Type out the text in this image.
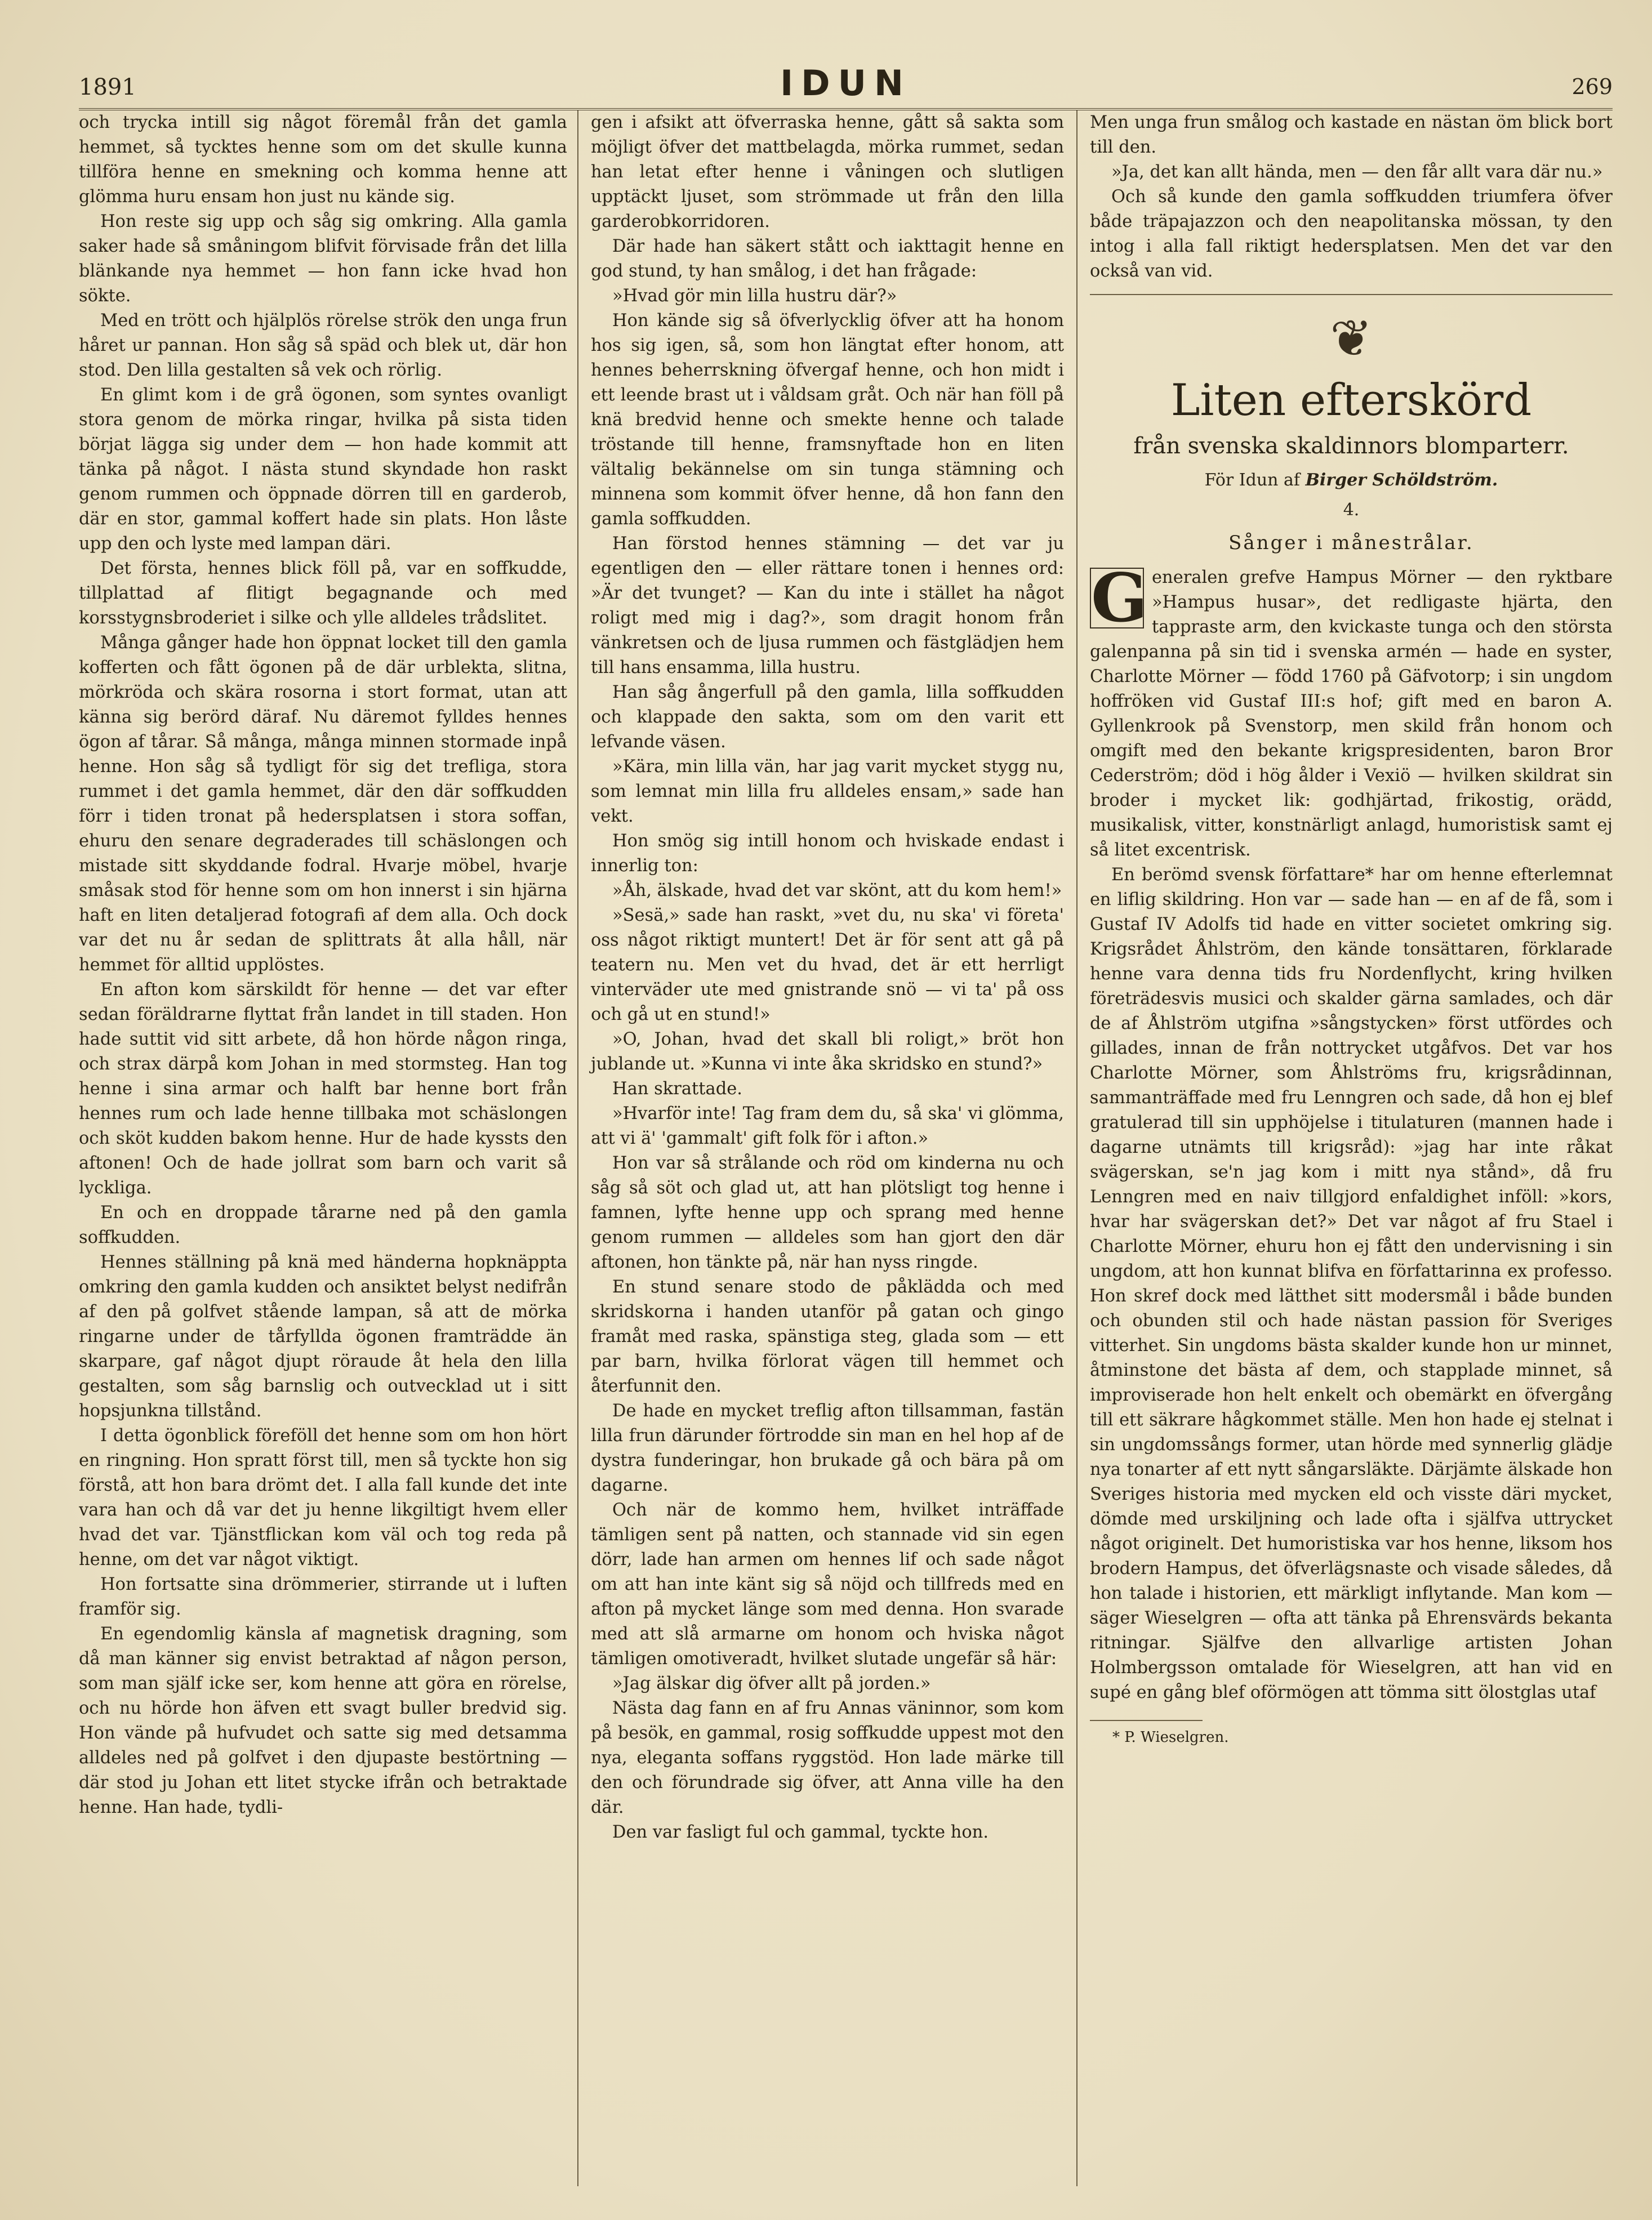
1891	IDUN	269

och trycka intill sig något föremål från det gamla hemmet, så tycktes henne som om det skulle kunna tillföra henne en smekning och komma henne att glömma huru ensam hon just nu kände sig.

Hon reste sig upp och såg sig omkring. Alla gamla saker hade så småningom blifvit förvisade från det lilla blänkande nya hemmet — hon fann icke hvad hon sökte.

Med en trött och hjälplös rörelse strök den unga frun håret ur pannan. Hon såg så späd och blek ut, där hon stod. Den lilla gestalten så vek och rörlig.

En glimt kom i de grå ögonen, som syntes ovanligt stora genom de mörka ringar, hvilka på sista tiden börjat lägga sig under dem — hon hade kommit att tänka på något. I nästa stund skyndade hon raskt genom rummen och öppnade dörren till en garderob, där en stor, gammal koffert hade sin plats. Hon låste upp den och lyste med lampan däri.

Det första, hennes blick föll på, var en soffkudde, tillplattad af flitigt begagnande och med korsstygnsbroderiet i silke och ylle alldeles trådslitet.

Många gånger hade hon öppnat locket till den gamla kofferten och fått ögonen på de där urblekta, slitna, mörkröda och skära rosorna i stort format, utan att känna sig berörd däraf. Nu däremot fylldes hennes ögon af tårar. Så många, många minnen stormade inpå henne. Hon såg så tydligt för sig det trefliga, stora rummet i det gamla hemmet, där den där soffkudden förr i tiden tronat på hedersplatsen i stora soffan, ehuru den senare degraderades till schäslongen och mistade sitt skyddande fodral. Hvarje möbel, hvarje småsak stod för henne som om hon innerst i sin hjärna haft en liten detaljerad fotografi af dem alla. Och dock var det nu år sedan de splittrats åt alla håll, när hemmet för alltid upplöstes.

En afton kom särskildt för henne — det var efter sedan föräldrarne flyttat från landet in till staden. Hon hade suttit vid sitt arbete, då hon hörde någon ringa, och strax därpå kom Johan in med stormsteg. Han tog henne i sina armar och halft bar henne bort från hennes rum och lade henne tillbaka mot schäslongen och sköt kudden bakom henne. Hur de hade kyssts den aftonen! Och de hade jollrat som barn och varit så lyckliga.

En och en droppade tårarne ned på den gamla soffkudden.

Hennes ställning på knä med händerna hopknäppta omkring den gamla kudden och ansiktet belyst nedifrån af den på golfvet stående lampan, så att de mörka ringarne under de tårfyllda ögonen framträdde än skarpare, gaf något djupt röraude åt hela den lilla gestalten, som såg barnslig och outvecklad ut i sitt hopsjunkna tillstånd.

I detta ögonblick föreföll det henne som om hon hört en ringning. Hon spratt först till, men så tyckte hon sig förstå, att hon bara drömt det. I alla fall kunde det inte vara han och då var det ju henne likgiltigt hvem eller hvad det var. Tjänstflickan kom väl och tog reda på henne, om det var något viktigt.

Hon fortsatte sina drömmerier, stirrande ut i luften framför sig.

En egendomlig känsla af magnetisk dragning, som då man känner sig envist betraktad af någon person, som man själf icke ser, kom henne att göra en rörelse, och nu hörde hon äfven ett svagt buller bredvid sig. Hon vände på hufvudet och satte sig med detsamma alldeles ned på golfvet i den djupaste bestörtning — där stod ju Johan ett litet stycke ifrån och betraktade henne. Han hade, tydli-

gen i afsikt att öfverraska henne, gått så sakta som möjligt öfver det mattbelagda, mörka rummet, sedan han letat efter henne i våningen och slutligen upptäckt ljuset, som strömmade ut från den lilla garderobkorridoren.

Där hade han säkert stått och iakttagit henne en god stund, ty han smålog, i det han frågade:

»Hvad gör min lilla hustru där?»

Hon kände sig så öfverlycklig öfver att ha honom hos sig igen, så, som hon längtat efter honom, att hennes beherrskning öfvergaf henne, och hon midt i ett leende brast ut i våldsam gråt. Och när han föll på knä bredvid henne och smekte henne och talade tröstande till henne, framsnyftade hon en liten vältalig bekännelse om sin tunga stämning och minnena som kommit öfver henne, då hon fann den gamla soffkudden.

Han förstod hennes stämning — det var ju egentligen den — eller rättare tonen i hennes ord: »Är det tvunget? — Kan du inte i stället ha något roligt med mig i dag?», som dragit honom från vänkretsen och de ljusa rummen och fästglädjen hem till hans ensamma, lilla hustru.

Han såg ångerfull på den gamla, lilla soffkudden och klappade den sakta, som om den varit ett lefvande väsen.

»Kära, min lilla vän, har jag varit mycket stygg nu, som lemnat min lilla fru alldeles ensam,» sade han vekt.

Hon smög sig intill honom och hviskade endast i innerlig ton:

»Åh, älskade, hvad det var skönt, att du kom hem!»

»Sesä,» sade han raskt, »vet du, nu ska' vi företa' oss något riktigt muntert! Det är för sent att gå på teatern nu. Men vet du hvad, det är ett herrligt vinterväder ute med gnistrande snö — vi ta' på oss och gå ut en stund!»

»O, Johan, hvad det skall bli roligt,» bröt hon jublande ut. »Kunna vi inte åka skridsko en stund?»

Han skrattade.

»Hvarför inte! Tag fram dem du, så ska' vi glömma, att vi ä' 'gammalt' gift folk för i afton.»

Hon var så strålande och röd om kinderna nu och såg så söt och glad ut, att han plötsligt tog henne i famnen, lyfte henne upp och sprang med henne genom rummen — alldeles som han gjort den där aftonen, hon tänkte på, när han nyss ringde.

En stund senare stodo de påklädda och med skridskorna i handen utanför på gatan och gingo framåt med raska, spänstiga steg, glada som — ett par barn, hvilka förlorat vägen till hemmet och återfunnit den.

De hade en mycket treflig afton tillsamman, fastän lilla frun därunder förtrodde sin man en hel hop af de dystra funderingar, hon brukade gå och bära på om dagarne.

Och när de kommo hem, hvilket inträffade tämligen sent på natten, och stannade vid sin egen dörr, lade han armen om hennes lif och sade något om att han inte känt sig så nöjd och tillfreds med en afton på mycket länge som med denna. Hon svarade med att slå armarne om honom och hviska något tämligen omotiveradt, hvilket slutade ungefär så här:

»Jag älskar dig öfver allt på jorden.»

Nästa dag fann en af fru Annas väninnor, som kom på besök, en gammal, rosig soffkudde uppest mot den nya, eleganta soffans ryggstöd. Hon lade märke till den och förundrade sig öfver, att Anna ville ha den där.

Den var fasligt ful och gammal, tyckte hon.

Men unga frun smålog och kastade en nästan öm blick bort till den.

»Ja, det kan allt hända, men — den får allt vara där nu.»

Och så kunde den gamla soffkudden triumfera öfver både träpajazzon och den neapolitanska mössan, ty den intog i alla fall riktigt hedersplatsen. Men det var den också van vid.

❦
Liten efterskörd
från svenska skaldinnors blomparterr.
För Idun af Birger Schöldström.
4.
Sånger i månestrålar.

G eneralen grefve Hampus Mörner — den ryktbare »Hampus husar», det redligaste hjärta, den tappraste arm, den kvickaste tunga och den största galenpanna på sin tid i svenska armén — hade en syster, Charlotte Mörner — född 1760 på Gäfvotorp; i sin ungdom hoffröken vid Gustaf III:s hof; gift med en baron A. Gyllenkrook på Svenstorp, men skild från honom och omgift med den bekante krigspresidenten, baron Bror Cederström; död i hög ålder i Vexiö — hvilken skildrat sin broder i mycket lik: godhjärtad, frikostig, orädd, musikalisk, vitter, konstnärligt anlagd, humoristisk samt ej så litet excentrisk.

En berömd svensk författare* har om henne efterlemnat en liflig skildring. Hon var — sade han — en af de få, som i Gustaf IV Adolfs tid hade en vitter societet omkring sig. Krigsrådet Åhlström, den kände tonsättaren, förklarade henne vara denna tids fru Nordenflycht, kring hvilken företrädesvis musici och skalder gärna samlades, och där de af Åhlström utgifna »sångstycken» först utfördes och gillades, innan de från nottrycket utgåfvos. Det var hos Charlotte Mörner, som Åhlströms fru, krigsrådinnan, sammanträffade med fru Lenngren och sade, då hon ej blef gratulerad till sin upphöjelse i titulaturen (mannen hade i dagarne utnämts till krigsråd): »jag har inte råkat svägerskan, se'n jag kom i mitt nya stånd», då fru Lenngren med en naiv tillgjord enfaldighet inföll: »kors, hvar har svägerskan det?» Det var något af fru Stael i Charlotte Mörner, ehuru hon ej fått den undervisning i sin ungdom, att hon kunnat blifva en författarinna ex professo. Hon skref dock med lätthet sitt modersmål i både bunden och obunden stil och hade nästan passion för Sveriges vitterhet. Sin ungdoms bästa skalder kunde hon ur minnet, åtminstone det bästa af dem, och stapplade minnet, så improviserade hon helt enkelt och obemärkt en öfvergång till ett säkrare hågkommet ställe. Men hon hade ej stelnat i sin ungdomssångs former, utan hörde med synnerlig glädje nya tonarter af ett nytt sångarsläkte. Därjämte älskade hon Sveriges historia med mycken eld och visste däri mycket, dömde med urskiljning och lade ofta i själfva uttrycket något originelt. Det humoristiska var hos henne, liksom hos brodern Hampus, det öfverlägsnaste och visade således, då hon talade i historien, ett märkligt inflytande. Man kom — säger Wieselgren — ofta att tänka på Ehrensvärds bekanta ritningar. Själfve den allvarlige artisten Johan Holmbergsson omtalade för Wieselgren, att han vid en supé en gång blef oförmögen att tömma sitt ölostglas utaf

* P. Wieselgren.
